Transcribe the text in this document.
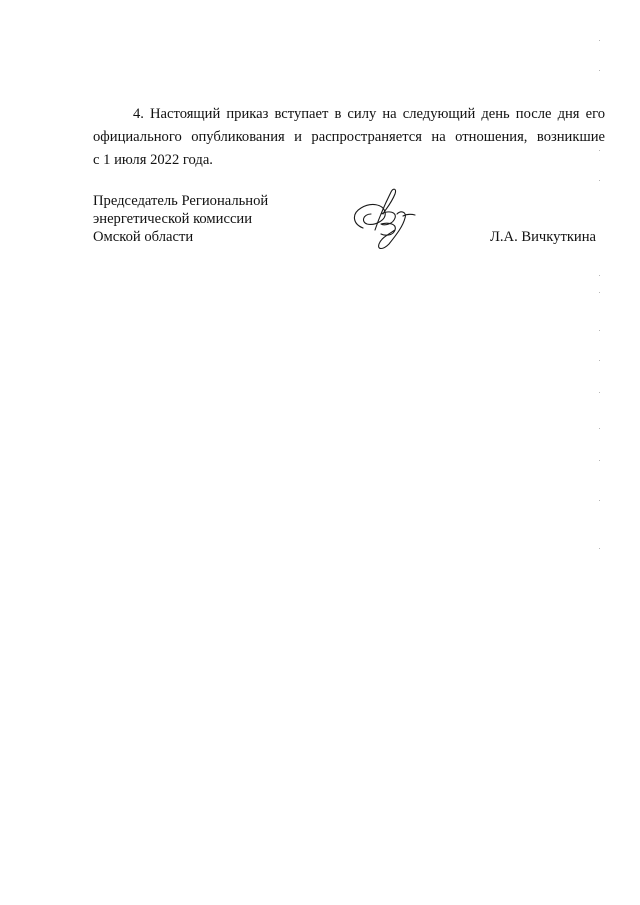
4. Настоящий приказ вступает в силу на следующий день после дня его
официального опубликования и распространяется на отношения, возникшие
с 1 июля 2022 года.

Председатель Региональной
энергетической комиссии
Омской области	Л.А. Вичкуткина
